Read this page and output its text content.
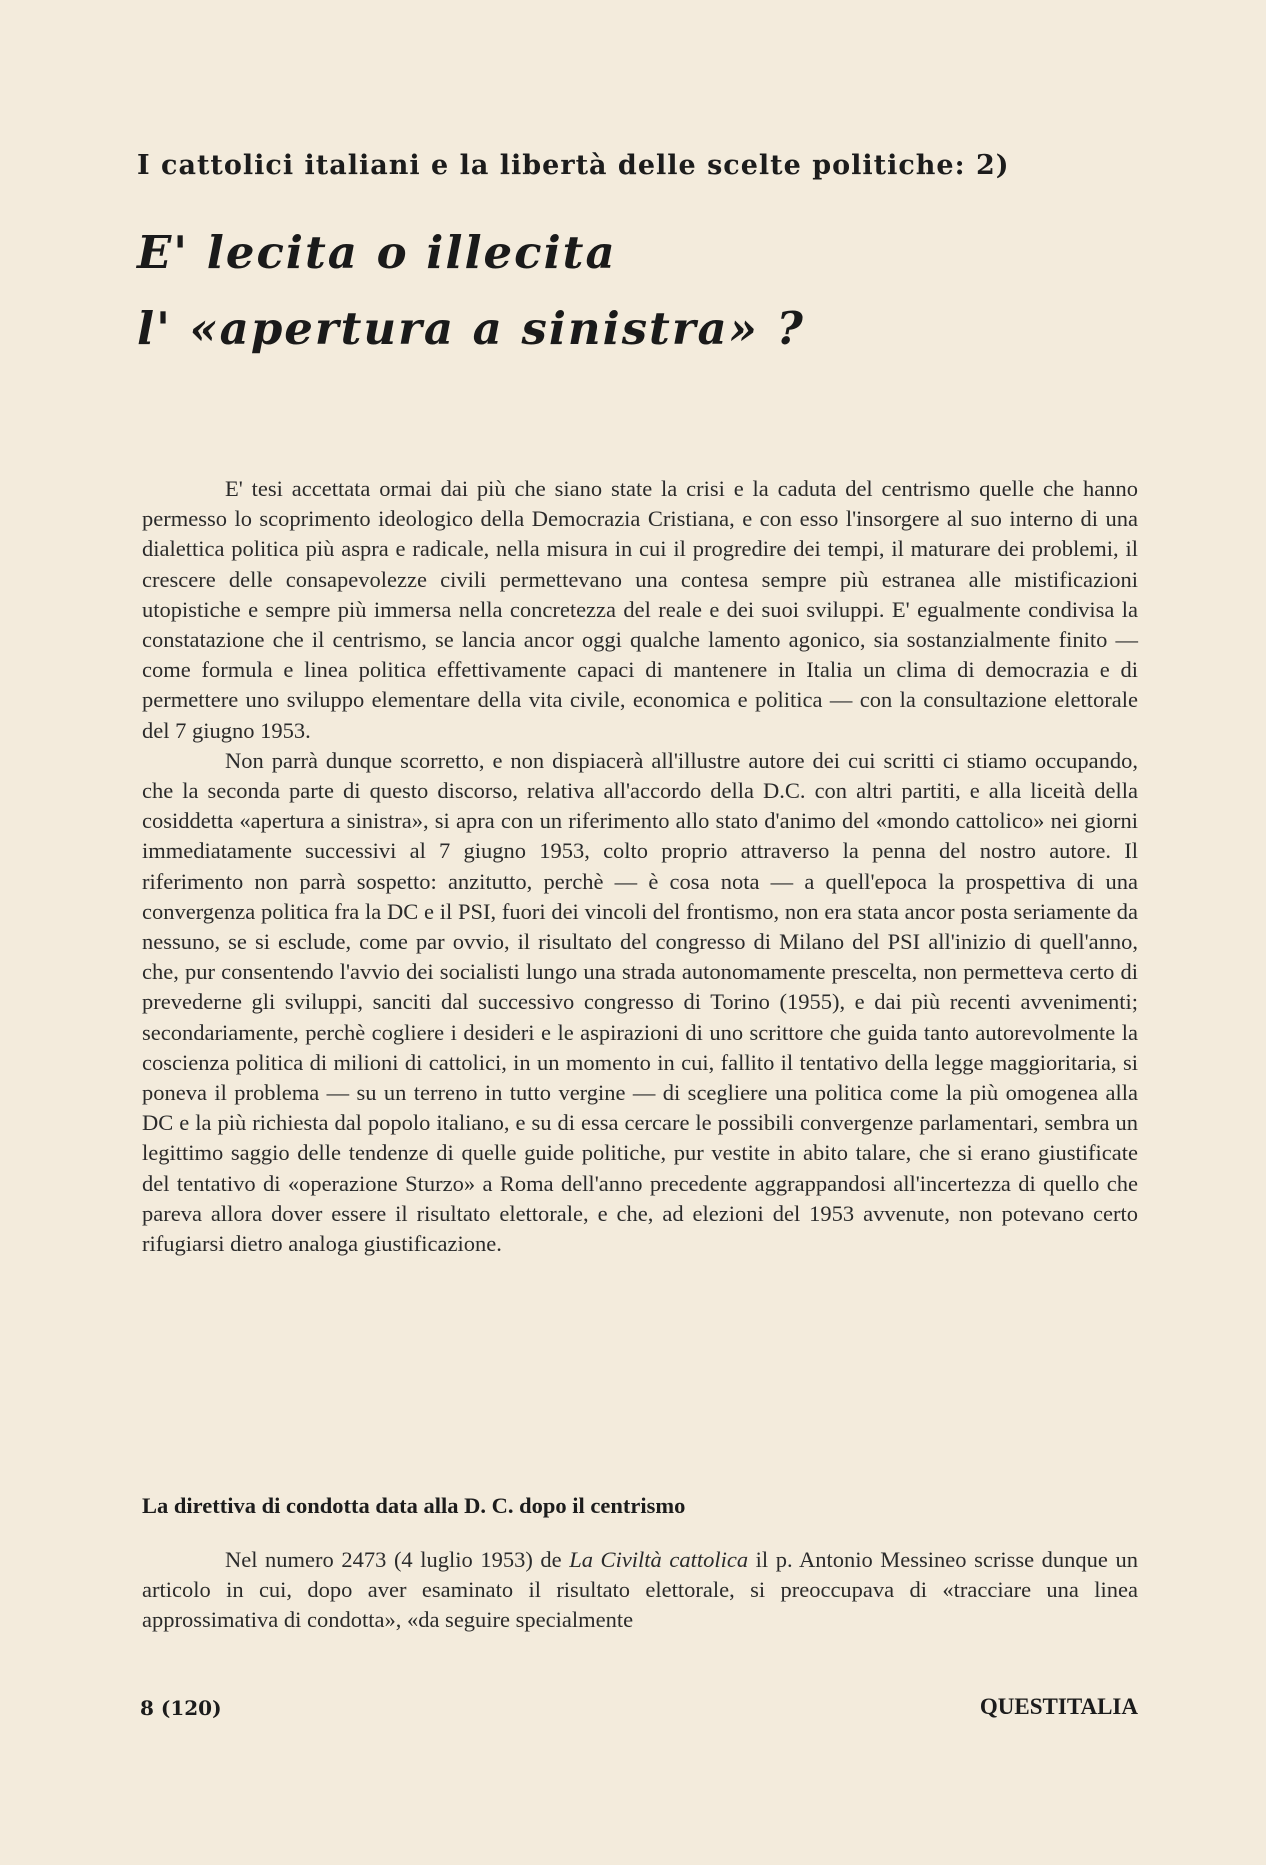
I cattolici italiani e la libertà delle scelte politiche: 2)
E' lecita o illecita
l' «apertura a sinistra» ?

E' tesi accettata ormai dai più che siano state la crisi e la caduta del centrismo quelle che hanno permesso lo scoprimento ideologico della Democrazia Cristiana, e con esso l'insorgere al suo interno di una dialettica politica più aspra e radicale, nella misura in cui il progredire dei tempi, il maturare dei problemi, il crescere delle consapevolezze civili permettevano una contesa sempre più estranea alle mistificazioni utopistiche e sempre più immersa nella concretezza del reale e dei suoi sviluppi. E' egualmente condivisa la constatazione che il centrismo, se lancia ancor oggi qualche lamento agonico, sia sostanzialmente finito — come formula e linea politica effettivamente capaci di mantenere in Italia un clima di democrazia e di permettere uno sviluppo elementare della vita civile, economica e politica — con la consultazione elettorale del 7 giugno 1953.

Non parrà dunque scorretto, e non dispiacerà all'illustre autore dei cui scritti ci stiamo occupando, che la seconda parte di questo discorso, relativa all'accordo della D.C. con altri partiti, e alla liceità della cosiddetta «apertura a sinistra», si apra con un riferimento allo stato d'animo del «mondo cattolico» nei giorni immediatamente successivi al 7 giugno 1953, colto proprio attraverso la penna del nostro autore. Il riferimento non parrà sospetto: anzitutto, perchè — è cosa nota — a quell'epoca la prospettiva di una convergenza politica fra la DC e il PSI, fuori dei vincoli del frontismo, non era stata ancor posta seriamente da nessuno, se si esclude, come par ovvio, il risultato del congresso di Milano del PSI all'inizio di quell'anno, che, pur consentendo l'avvio dei socialisti lungo una strada autonomamente prescelta, non permetteva certo di prevederne gli sviluppi, sanciti dal successivo congresso di Torino (1955), e dai più recenti avvenimenti; secondariamente, perchè cogliere i desideri e le aspirazioni di uno scrittore che guida tanto autorevolmente la coscienza politica di milioni di cattolici, in un momento in cui, fallito il tentativo della legge maggioritaria, si poneva il problema — su un terreno in tutto vergine — di scegliere una politica come la più omogenea alla DC e la più richiesta dal popolo italiano, e su di essa cercare le possibili convergenze parlamentari, sembra un legittimo saggio delle tendenze di quelle guide politiche, pur vestite in abito talare, che si erano giustificate del tentativo di «operazione Sturzo» a Roma dell'anno precedente aggrappandosi all'incertezza di quello che pareva allora dover essere il risultato elettorale, e che, ad elezioni del 1953 avvenute, non potevano certo rifugiarsi dietro analoga giustificazione.

La direttiva di condotta data alla D. C. dopo il centrismo

Nel numero 2473 (4 luglio 1953) de La Civiltà cattolica il p. Antonio Messineo scrisse dunque un articolo in cui, dopo aver esaminato il risultato elettorale, si preoccupava di «tracciare una linea approssimativa di condotta», «da seguire specialmente

8 (120)	QUESTITALIA
